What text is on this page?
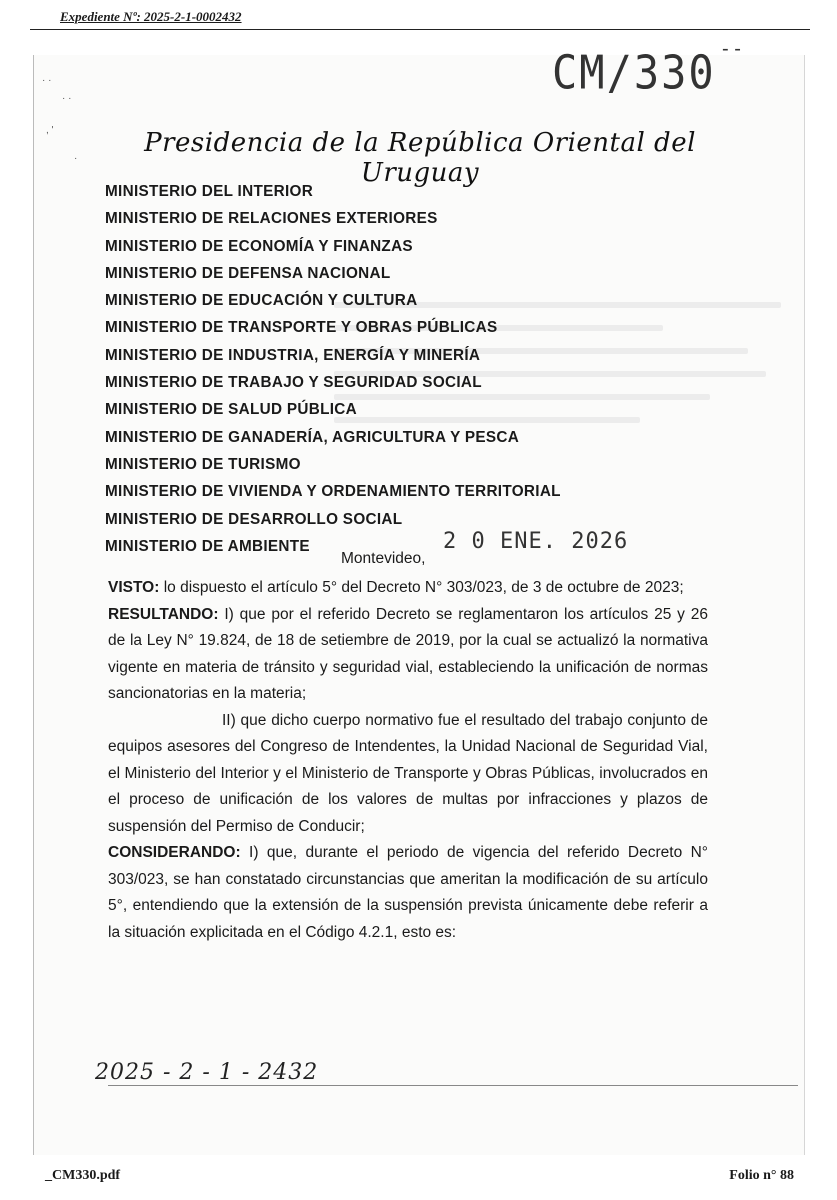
Expediente Nº: 2025-2-1-0002432
· ·
· ·
, '
·
CM/330 - -
Presidencia de la República Oriental del Uruguay
MINISTERIO DEL INTERIOR
MINISTERIO DE RELACIONES EXTERIORES
MINISTERIO DE ECONOMÍA Y FINANZAS
MINISTERIO DE DEFENSA NACIONAL
MINISTERIO DE EDUCACIÓN Y CULTURA
MINISTERIO DE TRANSPORTE Y OBRAS PÚBLICAS
MINISTERIO DE INDUSTRIA, ENERGÍA Y MINERÍA
MINISTERIO DE TRABAJO Y SEGURIDAD SOCIAL
MINISTERIO DE SALUD PÚBLICA
MINISTERIO DE GANADERÍA, AGRICULTURA Y PESCA
MINISTERIO DE TURISMO
MINISTERIO DE VIVIENDA Y ORDENAMIENTO TERRITORIAL
MINISTERIO DE DESARROLLO SOCIAL
MINISTERIO DE AMBIENTE	2 0 ENE. 2026
Montevideo,

VISTO: lo dispuesto el artículo 5° del Decreto N° 303/023, de 3 de octubre de 2023;

RESULTANDO: I) que por el referido Decreto se reglamentaron los artículos 25 y 26 de la Ley N° 19.824, de 18 de setiembre de 2019, por la cual se actualizó la normativa vigente en materia de tránsito y seguridad vial, estableciendo la unificación de normas sancionatorias en la materia;

II) que dicho cuerpo normativo fue el resultado del trabajo conjunto de equipos asesores del Congreso de Intendentes, la Unidad Nacional de Seguridad Vial, el Ministerio del Interior y el Ministerio de Transporte y Obras Públicas, involucrados en el proceso de unificación de los valores de multas por infracciones y plazos de suspensión del Permiso de Conducir;

CONSIDERANDO: I) que, durante el periodo de vigencia del referido Decreto N° 303/023, se han constatado circunstancias que ameritan la modificación de su artículo 5°, entendiendo que la extensión de la suspensión prevista únicamente debe referir a la situación explicitada en el Código 4.2.1, esto es:

2025 - 2 - 1 - 2432
_CM330.pdf	Folio n° 88
